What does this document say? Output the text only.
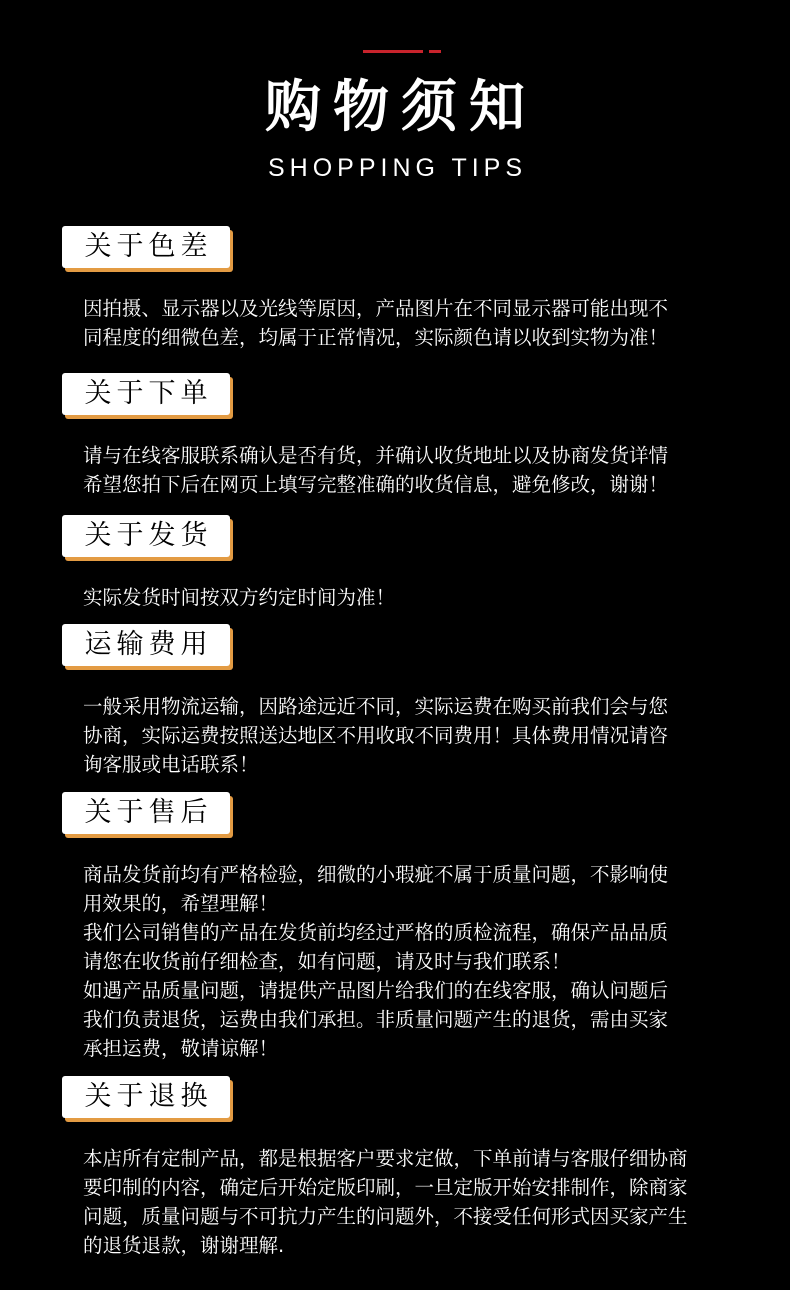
购物须知
SHOPPING TIPS
关于色差

因拍摄、显示器以及光线等原因，产品图片在不同显示器可能出现不

同程度的细微色差，均属于正常情况，实际颜色请以收到实物为准！

关于下单

请与在线客服联系确认是否有货，并确认收货地址以及协商发货详情

希望您拍下后在网页上填写完整准确的收货信息，避免修改，谢谢！

关于发货

实际发货时间按双方约定时间为准！

运输费用

一般采用物流运输，因路途远近不同，实际运费在购买前我们会与您

协商，实际运费按照送达地区不用收取不同费用！具体费用情况请咨

询客服或电话联系！

关于售后

商品发货前均有严格检验，细微的小瑕疵不属于质量问题，不影响使

用效果的，希望理解！

我们公司销售的产品在发货前均经过严格的质检流程，确保产品品质

请您在收货前仔细检查，如有问题，请及时与我们联系！

如遇产品质量问题，请提供产品图片给我们的在线客服，确认问题后

我们负责退货，运费由我们承担。非质量问题产生的退货，需由买家

承担运费，敬请谅解！

关于退换

本店所有定制产品，都是根据客户要求定做，下单前请与客服仔细协商

要印制的内容，确定后开始定版印刷，一旦定版开始安排制作，除商家

问题，质量问题与不可抗力产生的问题外，不接受任何形式因买家产生

的退货退款，谢谢理解.
